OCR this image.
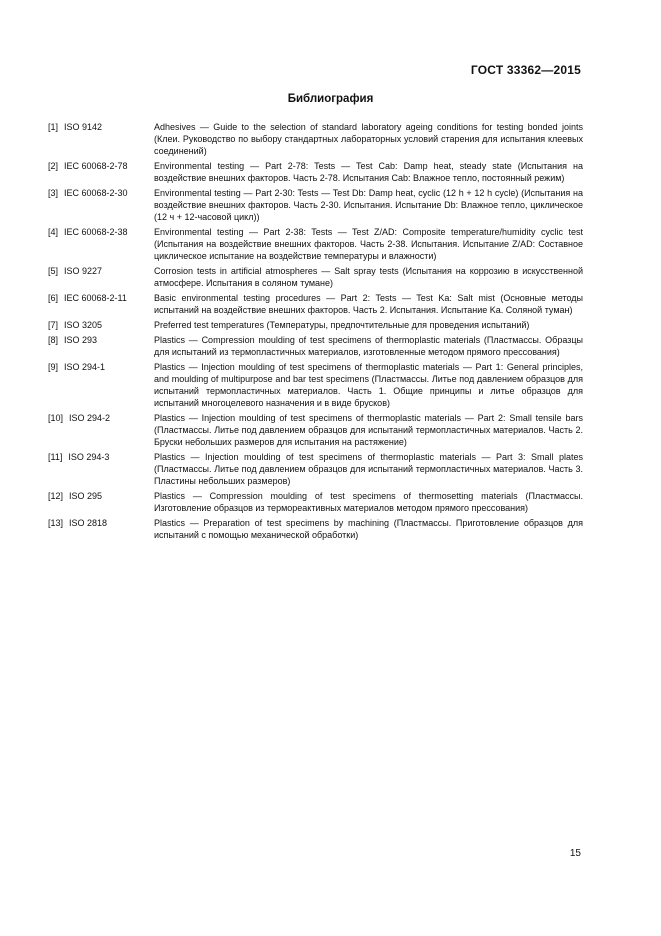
ГОСТ 33362—2015
Библиография
[1] ISO 9142	Adhesives — Guide to the selection of standard laboratory ageing conditions for testing bonded joints (Клеи. Руководство по выбору стандартных лабораторных условий старения для испытания клеевых соединений)
[2] IEC 60068-2-78	Environmental testing — Part 2-78: Tests — Test Cab: Damp heat, steady state (Испытания на воздействие внешних факторов. Часть 2-78. Испытания Cab: Влажное тепло, постоянный режим)
[3] IEC 60068-2-30	Environmental testing — Part 2-30: Tests — Test Db: Damp heat, cyclic (12 h + 12 h cycle) (Испытания на воздействие внешних факторов. Часть 2-30. Испытания. Испытание Db: Влажное тепло, циклическое (12 ч + 12-часовой цикл))
[4] IEC 60068-2-38	Environmental testing — Part 2-38: Tests — Test Z/AD: Composite temperature/humidity cyclic test (Испытания на воздействие внешних факторов. Часть 2-38. Испытания. Испытание Z/AD: Составное циклическое испытание на воздействие температуры и влажности)
[5] ISO 9227	Corrosion tests in artificial atmospheres — Salt spray tests (Испытания на коррозию в искусственной атмосфере. Испытания в соляном тумане)
[6] IEC 60068-2-11	Basic environmental testing procedures — Part 2: Tests — Test Ka: Salt mist (Основные методы испытаний на воздействие внешних факторов. Часть 2. Испытания. Испытание Ka. Соляной туман)
[7] ISO 3205	Preferred test temperatures (Температуры, предпочтительные для проведения испытаний)
[8] ISO 293	Plastics — Compression moulding of test specimens of thermoplastic materials (Пластмассы. Образцы для испытаний из термопластичных материалов, изготовленные методом прямого прессования)
[9] ISO 294-1	Plastics — Injection moulding of test specimens of thermoplastic materials — Part 1: General principles, and moulding of multipurpose and bar test specimens (Пластмассы. Литье под давлением образцов для испытаний термопластичных материалов. Часть 1. Общие принципы и литье образцов для испытаний многоцелевого назначения и в виде брусков)
[10] ISO 294-2	Plastics — Injection moulding of test specimens of thermoplastic materials — Part 2: Small tensile bars (Пластмассы. Литье под давлением образцов для испытаний термопластичных материалов. Часть 2. Бруски небольших размеров для испытания на растяжение)
[11] ISO 294-3	Plastics — Injection moulding of test specimens of thermoplastic materials — Part 3: Small plates (Пластмассы. Литье под давлением образцов для испытаний термопластичных материалов. Часть 3. Пластины небольших размеров)
[12] ISO 295	Plastics — Compression moulding of test specimens of thermosetting materials (Пластмассы. Изготовление образцов из термореактивных материалов методом прямого прессования)
[13] ISO 2818	Plastics — Preparation of test specimens by machining (Пластмассы. Приготовление образцов для испытаний с помощью механической обработки)
15
